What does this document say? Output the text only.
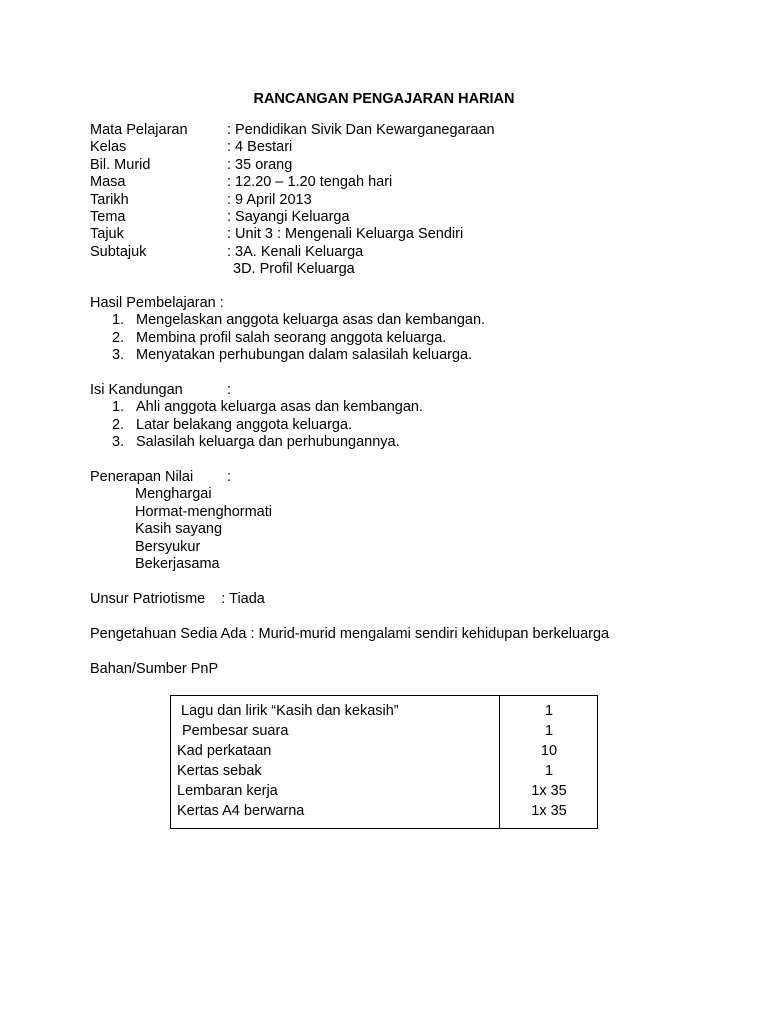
RANCANGAN PENGAJARAN HARIAN
Mata Pelajaran	: Pendidikan Sivik Dan Kewarganegaraan
Kelas	: 4 Bestari
Bil. Murid	: 35 orang
Masa	: 12.20 – 1.20 tengah hari
Tarikh	: 9 April 2013
Tema	: Sayangi Keluarga
Tajuk	: Unit 3 : Mengenali Keluarga Sendiri
Subtajuk	: 3A. Kenali Keluarga
3D. Profil Keluarga
Hasil Pembelajaran :
1. Mengelaskan anggota keluarga asas dan kembangan.
2. Membina profil salah seorang anggota keluarga.
3. Menyatakan perhubungan dalam salasilah keluarga.
Isi Kandungan	:
1. Ahli anggota keluarga asas dan kembangan.
2. Latar belakang anggota keluarga.
3. Salasilah keluarga dan perhubungannya.
Penerapan Nilai :
Menghargai
Hormat-menghormati
Kasih sayang
Bersyukur
Bekerjasama
Unsur Patriotisme    : Tiada
Pengetahuan Sedia Ada : Murid-murid mengalami sendiri kehidupan berkeluarga
Bahan/Sumber PnP
Lagu dan lirik “Kasih dan kekasih”	1
Pembesar suara	1
Kad perkataan	10
Kertas sebak	1
Lembaran kerja	1x 35
Kertas A4 berwarna	1x 35
